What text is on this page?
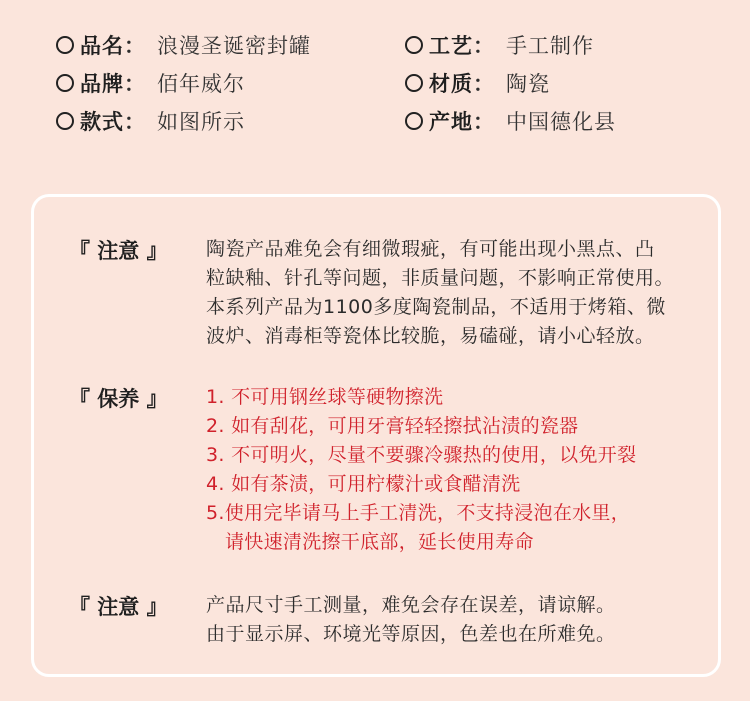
品名 ： 浪漫圣诞密封罐	工艺 ： 手工制作
品牌 ： 佰年威尔	材质 ： 陶瓷
款式 ： 如图所示	产地 ： 中国德化县
『 注意 』 陶瓷产品难免会有细微瑕疵，有可能出现小黑点、凸

粒缺釉、针孔等问题，非质量问题，不影响正常使用。

本系列产品为1100多度陶瓷制品，不适用于烤箱、微

波炉、消毒柜等瓷体比较脆，易磕碰，请小心轻放。

『 保养 』 1. 不可用钢丝球等硬物擦洗
2. 如有刮花，可用牙膏轻轻擦拭沾渍的瓷器
3. 不可明火，尽量不要骤冷骤热的使用，以免开裂
4. 如有茶渍，可用柠檬汁或食醋清洗
5.使用完毕请马上手工清洗，不支持浸泡在水里，
请快速清洗擦干底部，延长使用寿命
『 注意 』 产品尺寸手工测量，难免会存在误差，请谅解。

由于显示屏、环境光等原因，色差也在所难免。
